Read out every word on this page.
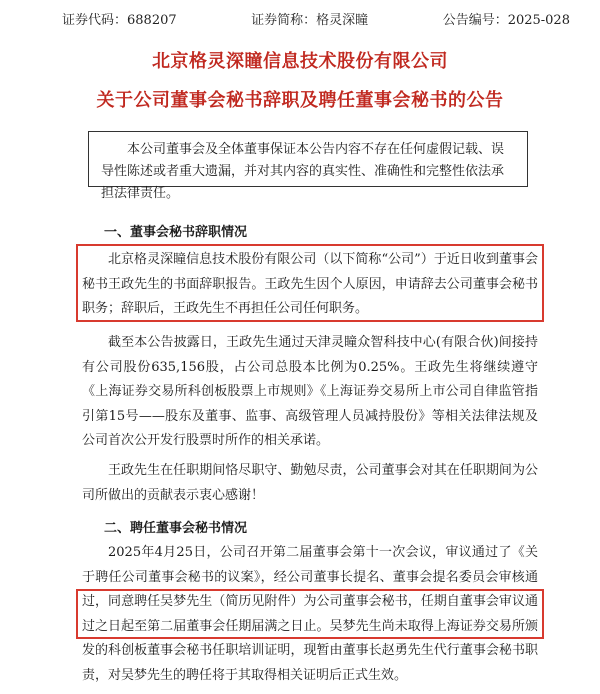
证券代码：688207	证券简称：格灵深瞳	公告编号：2025-028
北京格灵深瞳信息技术股份有限公司
关于公司董事会秘书辞职及聘任董事会秘书的公告
本公司董事会及全体董事保证本公告内容不存在任何虚假记载、误导性陈述或者重大遗漏，并对其内容的真实性、准确性和完整性依法承担法律责任。
一、董事会秘书辞职情况

北京格灵深瞳信息技术股份有限公司（以下简称“公司”）于近日收到董事会秘书王政先生的书面辞职报告。王政先生因个人原因，申请辞去公司董事会秘书职务；辞职后，王政先生不再担任公司任何职务。

截至本公告披露日，王政先生通过天津灵瞳众智科技中心(有限合伙)间接持有公司股份635,156股，占公司总股本比例为0.25%。王政先生将继续遵守《上海证券交易所科创板股票上市规则》《上海证券交易所上市公司自律监管指引第15号——股东及董事、监事、高级管理人员减持股份》等相关法律法规及公司首次公开发行股票时所作的相关承诺。

王政先生在任职期间恪尽职守、勤勉尽责，公司董事会对其在任职期间为公司所做出的贡献表示衷心感谢！

二、聘任董事会秘书情况

2025年4月25日，公司召开第二届董事会第十一次会议，审议通过了《关于聘任公司董事会秘书的议案》，经公司董事长提名、董事会提名委员会审核通过，同意聘任吴梦先生（简历见附件）为公司董事会秘书，任期自董事会审议通过之日起至第二届董事会任期届满之日止。吴梦先生尚未取得上海证券交易所颁发的科创板董事会秘书任职培训证明，现暂由董事长赵勇先生代行董事会秘书职责，对吴梦先生的聘任将于其取得相关证明后正式生效。
